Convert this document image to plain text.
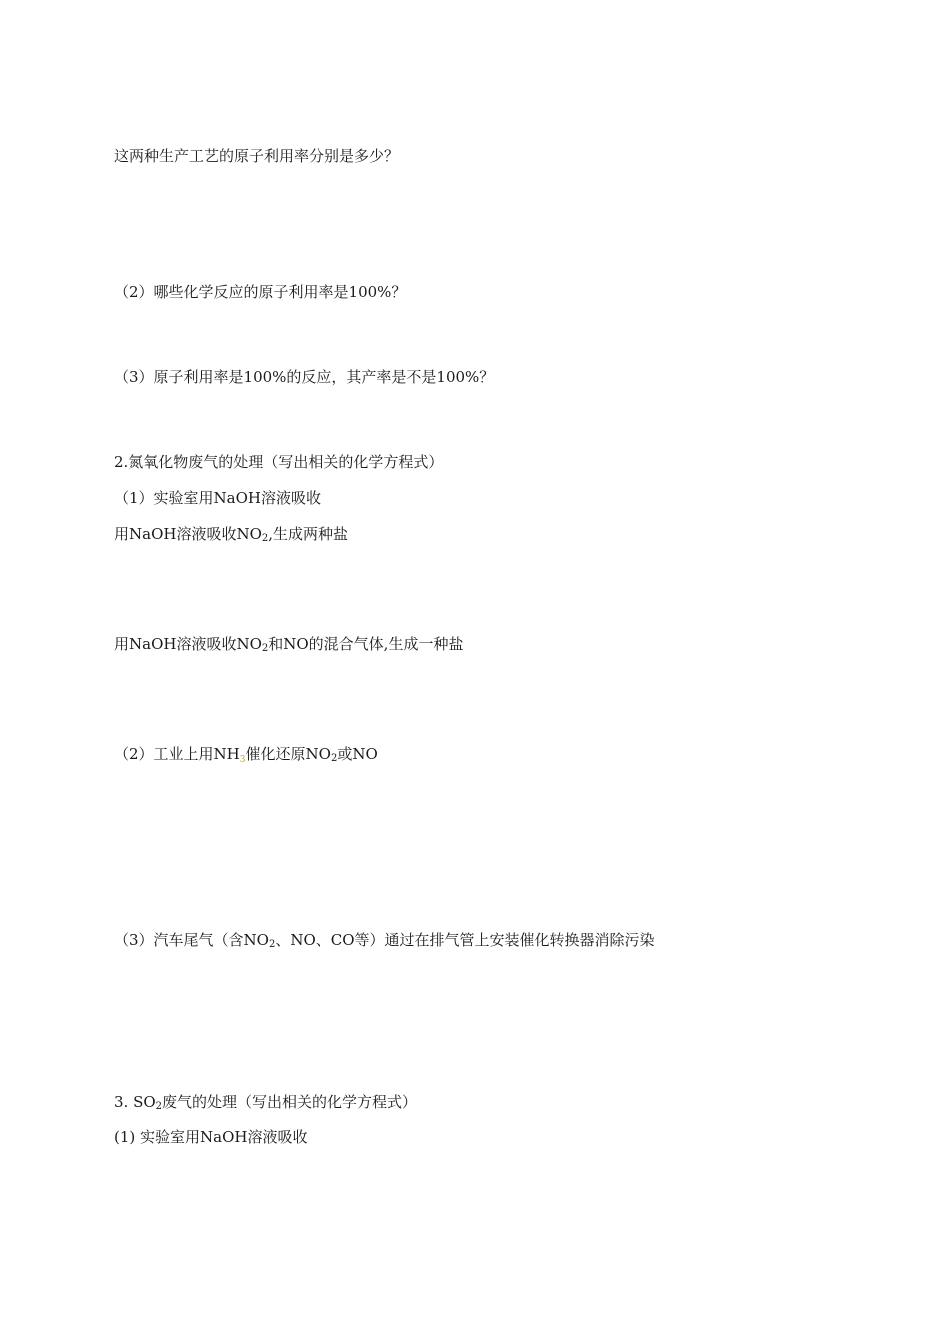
这两种生产工艺的原子利用率分别是多少？
（2）哪些化学反应的原子利用率是100%？
（3）原子利用率是100%的反应，其产率是不是100%？
2.氮氧化物废气的处理（写出相关的化学方程式）
（1）实验室用NaOH溶液吸收
用NaOH溶液吸收$NO_2$,生成两种盐
用NaOH溶液吸收$NO_2$和NO的混合气体,生成一种盐
（2）工业上用$NH_3$催化还原$NO_2$或NO
（3）汽车尾气（含$NO_2$、NO、CO等）通过在排气管上安装催化转换器消除污染
3. $SO_2$废气的处理（写出相关的化学方程式）
(1) 实验室用NaOH溶液吸收
